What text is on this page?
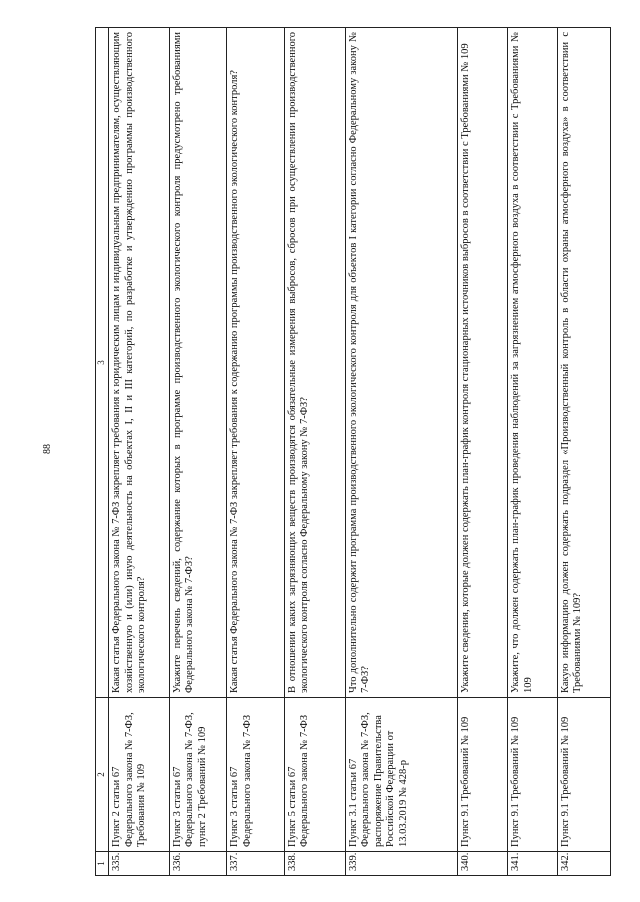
88
1	2	3
335.	Пункт 2 статьи 67 Федерального закона № 7-ФЗ, Требования № 109	Какая статья Федерального закона № 7-ФЗ закрепляет требования к юридическим лицам и индивидуальным предпринимателям, осуществляющим хозяйственную и (или) иную деятельность на объектах I, II и III категорий, по разработке и утверждению программы производственного экологического контроля?
336.	Пункт 3 статьи 67 Федерального закона № 7-ФЗ, пункт 2 Требований № 109	Укажите перечень сведений, содержание которых в программе производственного экологического контроля предусмотрено требованиями Федерального закона № 7-ФЗ?
337.	Пункт 3 статьи 67 Федерального закона № 7-ФЗ	Какая статья Федерального закона № 7-ФЗ закрепляет требования к содержанию программы производственного экологического контроля?
338.	Пункт 5 статьи 67 Федерального закона № 7-ФЗ	В отношении каких загрязняющих веществ производятся обязательные измерения выбросов, сбросов при осуществлении производственного экологического контроля согласно Федеральному закону № 7-ФЗ?
339.	Пункт 3.1 статьи 67 Федерального закона № 7-ФЗ, распоряжение Правительства Российской Федерации от 13.03.2019 № 428-р	Что дополнительно содержит программа производственного экологического контроля для объектов I категории согласно Федеральному закону № 7-ФЗ?
340.	Пункт 9.1 Требований № 109	Укажите сведения, которые должен содержать план-график контроля стационарных источников выбросов в соответствии с Требованиями № 109
341.	Пункт 9.1 Требований № 109	Укажите, что должен содержать план-график проведения наблюдений за загрязнением атмосферного воздуха в соответствии с Требованиями № 109
342.	Пункт 9.1 Требований № 109	Какую информацию должен содержать подраздел «Производственный контроль в области охраны атмосферного воздуха» в соответствии с Требованиями № 109?
